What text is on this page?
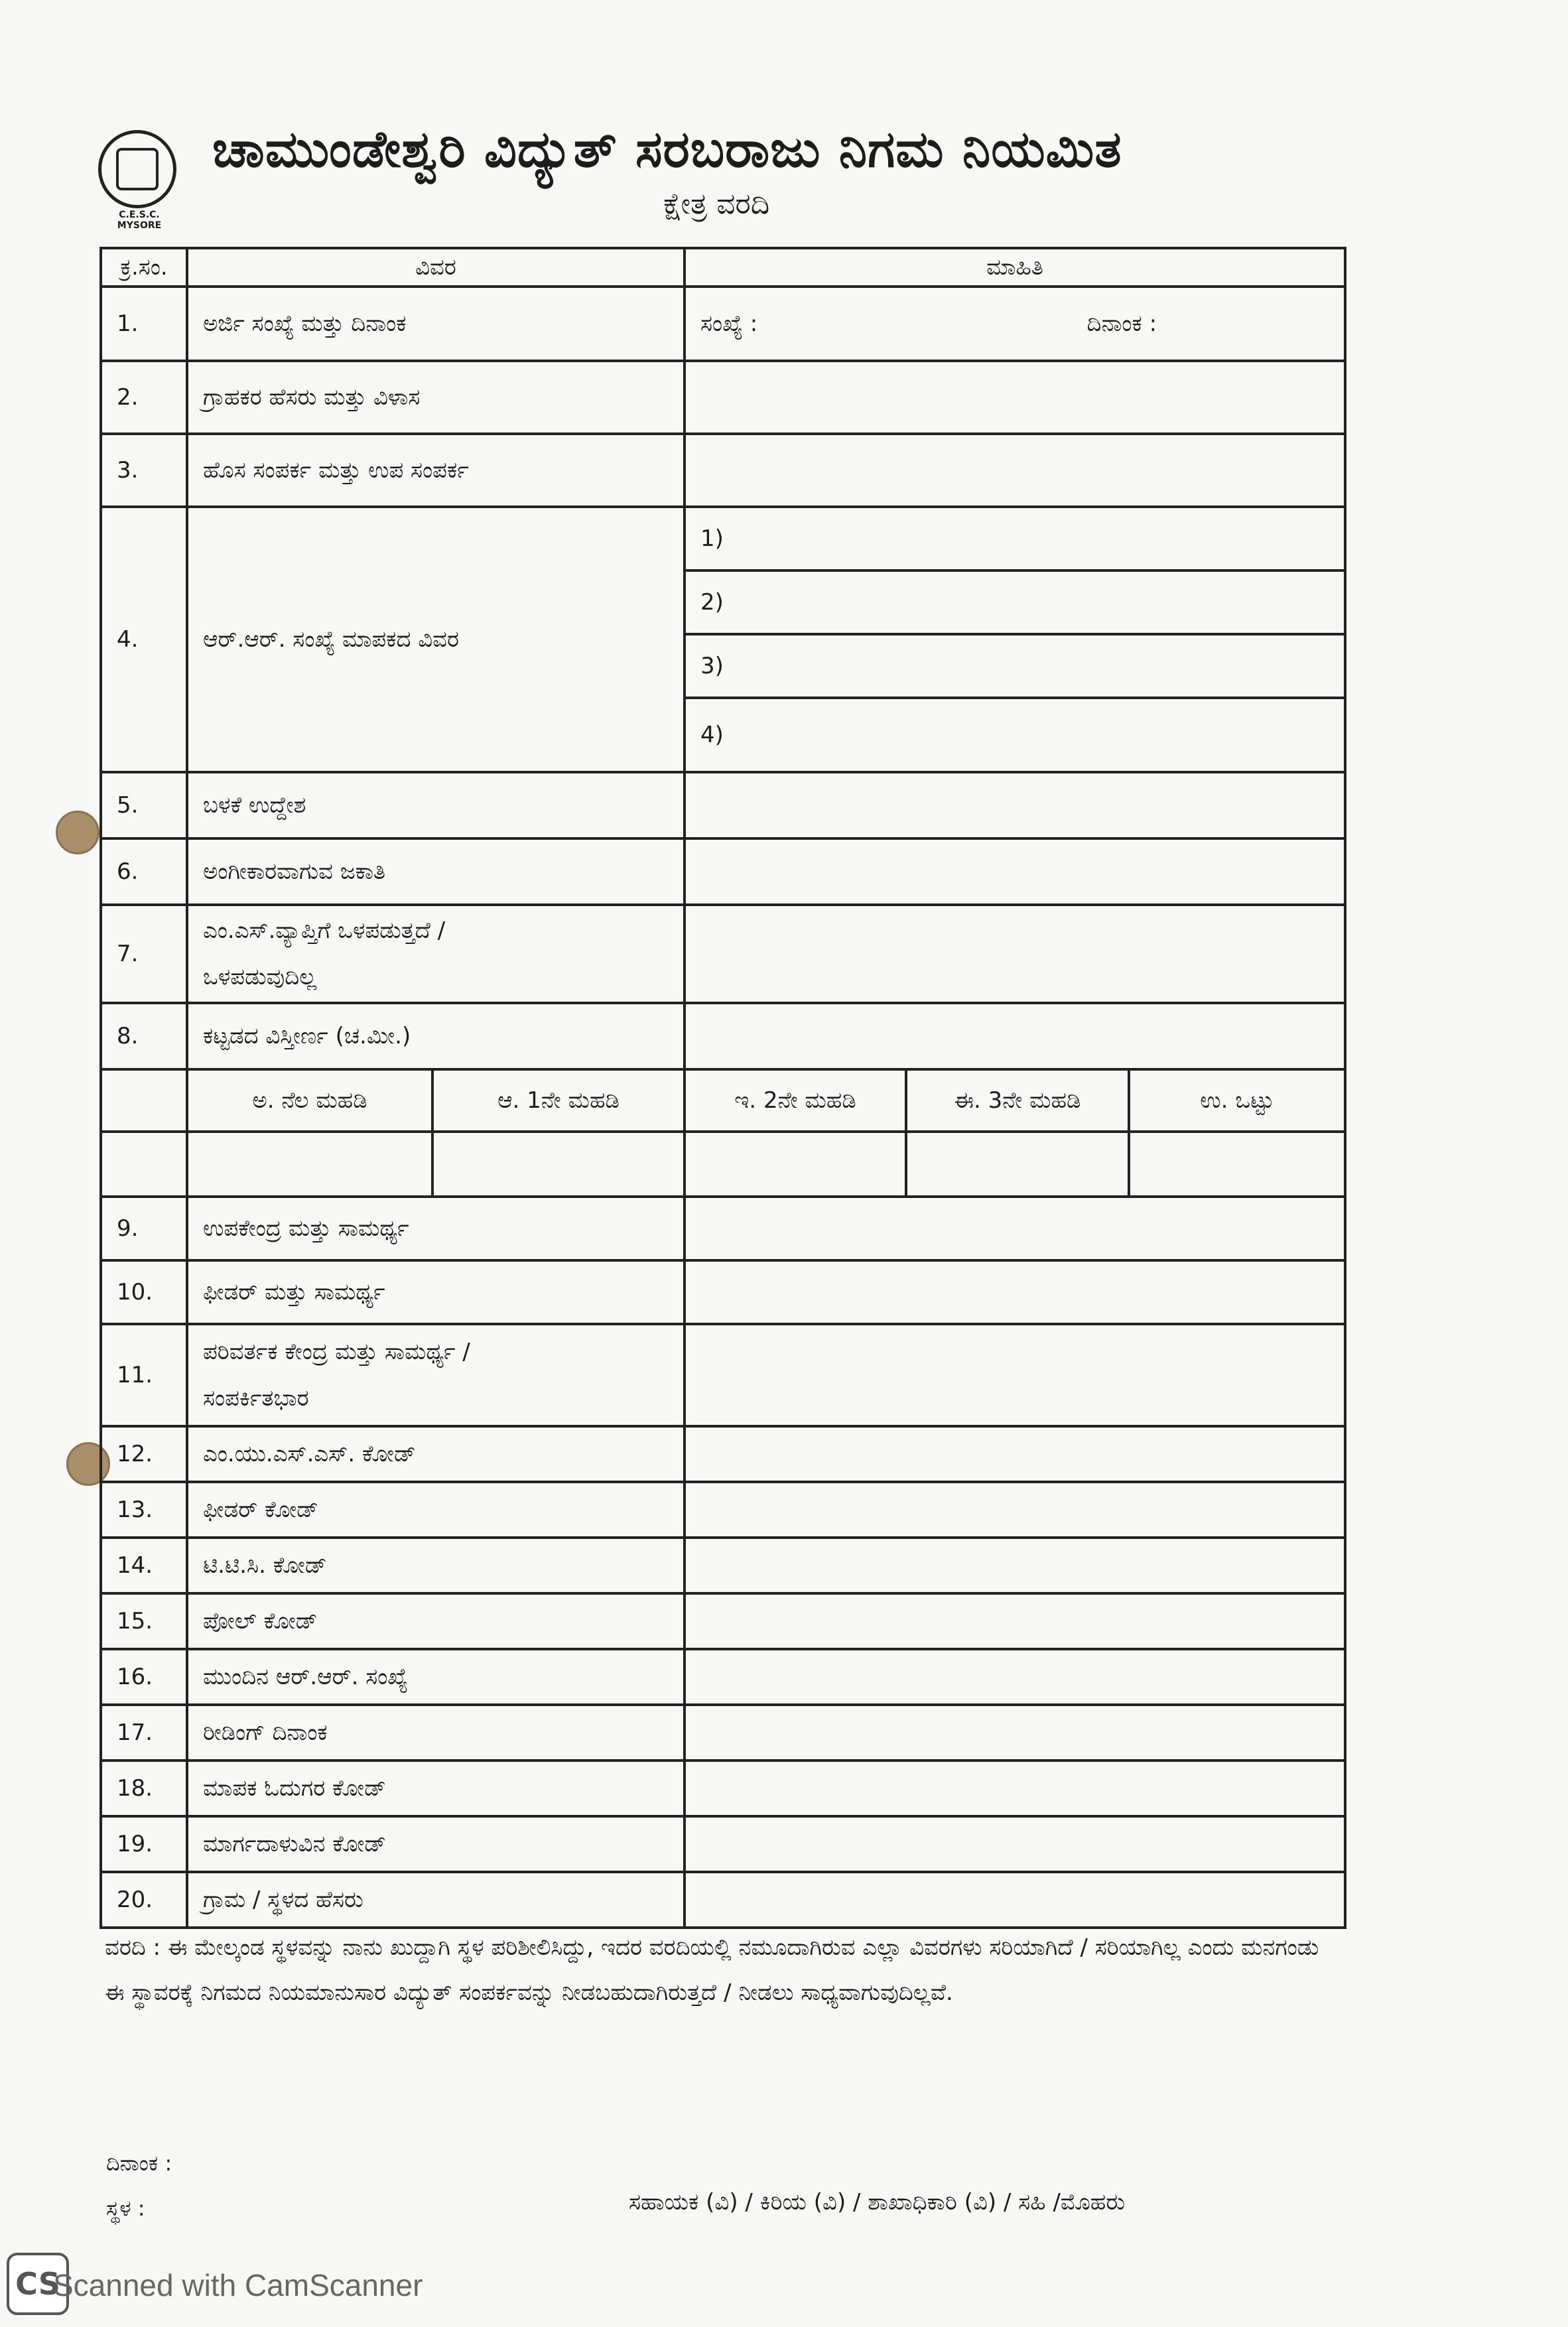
C.E.S.C. MYSORE
ಚಾಮುಂಡೇಶ್ವರಿ ವಿದ್ಯುತ್ ಸರಬರಾಜು ನಿಗಮ ನಿಯಮಿತ
ಕ್ಷೇತ್ರ ವರದಿ
ಕ್ರ.ಸಂ.	ವಿವರ		ಮಾಹಿತಿ		
1.	ಅರ್ಜಿ ಸಂಖ್ಯೆ ಮತ್ತು ದಿನಾಂಕ		ಸಂಖ್ಯೆ : ದಿನಾಂಕ :		

2.	ಗ್ರಾಹಕರ ಹೆಸರು ಮತ್ತು ವಿಳಾಸ				
3.	ಹೊಸ ಸಂಪರ್ಕ ಮತ್ತು ಉಪ ಸಂಪರ್ಕ				
4.	ಆರ್.ಆರ್. ಸಂಖ್ಯೆ ಮಾಪಕದ ವಿವರ		1)		
			2)		
			3)		
			4)		
5.	ಬಳಕೆ ಉದ್ದೇಶ				
6.	ಅಂಗೀಕಾರವಾಗುವ ಜಕಾತಿ				
7.	ಎಂ.ಎಸ್.ವ್ಯಾಪ್ತಿಗೆ ಒಳಪಡುತ್ತದೆ /
ಒಳಪಡುವುದಿಲ್ಲ				

8.	ಕಟ್ಟಡದ ವಿಸ್ತೀರ್ಣ (ಚ.ಮೀ.)				
	ಅ. ನೆಲ ಮಹಡಿ	ಆ. 1ನೇ ಮಹಡಿ	ಇ. 2ನೇ ಮಹಡಿ	ಈ. 3ನೇ ಮಹಡಿ	ಉ. ಒಟ್ಟು

9.	ಉಪಕೇಂದ್ರ ಮತ್ತು ಸಾಮರ್ಥ್ಯ				
10.	ಫೀಡರ್ ಮತ್ತು ಸಾಮರ್ಥ್ಯ				
11.	ಪರಿವರ್ತಕ ಕೇಂದ್ರ ಮತ್ತು ಸಾಮರ್ಥ್ಯ /
ಸಂಪರ್ಕಿತಭಾರ				

12.	ಎಂ.ಯು.ಎಸ್.ಎಸ್. ಕೋಡ್				
13.	ಫೀಡರ್ ಕೋಡ್				
14.	ಟಿ.ಟಿ.ಸಿ. ಕೋಡ್				
15.	ಪೋಲ್ ಕೋಡ್				
16.	ಮುಂದಿನ ಆರ್.ಆರ್. ಸಂಖ್ಯೆ				
17.	ರೀಡಿಂಗ್ ದಿನಾಂಕ				
18.	ಮಾಪಕ ಓದುಗರ ಕೋಡ್				
19.	ಮಾರ್ಗದಾಳುವಿನ ಕೋಡ್				
20.	ಗ್ರಾಮ / ಸ್ಥಳದ ಹೆಸರು				
ವರದಿ : ಈ ಮೇಲ್ಕಂಡ ಸ್ಥಳವನ್ನು ನಾನು ಖುದ್ದಾಗಿ ಸ್ಥಳ ಪರಿಶೀಲಿಸಿದ್ದು, ಇದರ ವರದಿಯಲ್ಲಿ ನಮೂದಾಗಿರುವ ಎಲ್ಲಾ ವಿವರಗಳು ಸರಿಯಾಗಿದೆ / ಸರಿಯಾಗಿಲ್ಲ ಎಂದು ಮನಗಂಡು ಈ ಸ್ಥಾವರಕ್ಕೆ ನಿಗಮದ ನಿಯಮಾನುಸಾರ ವಿದ್ಯುತ್ ಸಂಪರ್ಕವನ್ನು ನೀಡಬಹುದಾಗಿರುತ್ತದೆ / ನೀಡಲು ಸಾಧ್ಯವಾಗುವುದಿಲ್ಲವೆ.
ದಿನಾಂಕ :
ಸ್ಥಳ :	ಸಹಾಯಕ (ವಿ) / ಕಿರಿಯ (ವಿ) / ಶಾಖಾಧಿಕಾರಿ (ವಿ) / ಸಹಿ /ಮೊಹರು
CS
Scanned with CamScanner
